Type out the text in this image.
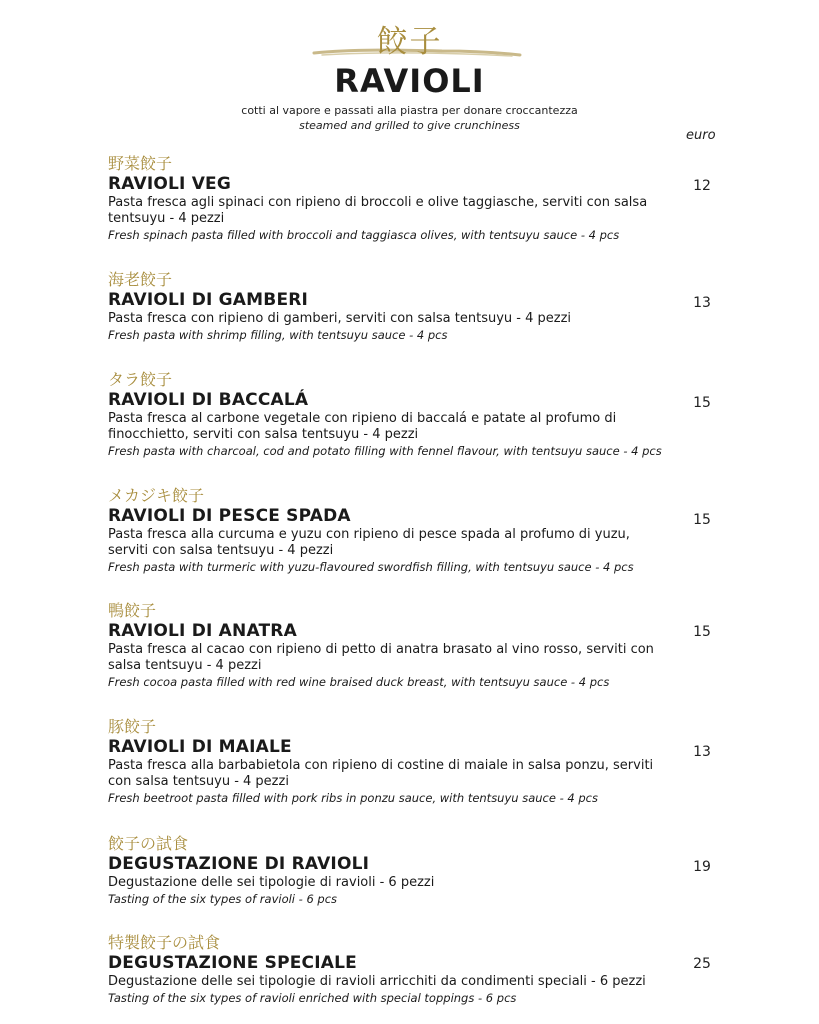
餃子
RAVIOLI
cotti al vapore e passati alla piastra per donare croccantezza
steamed and grilled to give crunchiness
euro
野菜餃子
RAVIOLI VEG
Pasta fresca agli spinaci con ripieno di broccoli e olive taggiasche, serviti con salsa tentsuyu - 4 pezzi
Fresh spinach pasta filled with broccoli and taggiasca olives, with tentsuyu sauce - 4 pcs
12
海老餃子
RAVIOLI DI GAMBERI
Pasta fresca con ripieno di gamberi, serviti con salsa tentsuyu - 4 pezzi
Fresh pasta with shrimp filling, with tentsuyu sauce - 4 pcs
13
タラ餃子
RAVIOLI DI BACCALÁ
Pasta fresca al carbone vegetale con ripieno di baccalá e patate al profumo di finocchietto, serviti con salsa tentsuyu - 4 pezzi
Fresh pasta with charcoal, cod and potato filling with fennel flavour, with tentsuyu sauce - 4 pcs
15
メカジキ餃子
RAVIOLI DI PESCE SPADA
Pasta fresca alla curcuma e yuzu con ripieno di pesce spada al profumo di yuzu, serviti con salsa tentsuyu - 4 pezzi
Fresh pasta with turmeric with yuzu-flavoured swordfish filling, with tentsuyu sauce - 4 pcs
15
鴨餃子
RAVIOLI DI ANATRA
Pasta fresca al cacao con ripieno di petto di anatra brasato al vino rosso, serviti con salsa tentsuyu - 4 pezzi
Fresh cocoa pasta filled with red wine braised duck breast, with tentsuyu sauce - 4 pcs
15
豚餃子
RAVIOLI DI MAIALE
Pasta fresca alla barbabietola con ripieno di costine di maiale in salsa ponzu, serviti con salsa tentsuyu - 4 pezzi
Fresh beetroot pasta filled with pork ribs in ponzu sauce, with tentsuyu sauce - 4 pcs
13
餃子の試食
DEGUSTAZIONE DI RAVIOLI
Degustazione delle sei tipologie di ravioli - 6 pezzi
Tasting of the six types of ravioli - 6 pcs
19
特製餃子の試食
DEGUSTAZIONE SPECIALE
Degustazione delle sei tipologie di ravioli arricchiti da condimenti speciali - 6 pezzi
Tasting of the six types of ravioli enriched with special toppings - 6 pcs
25
